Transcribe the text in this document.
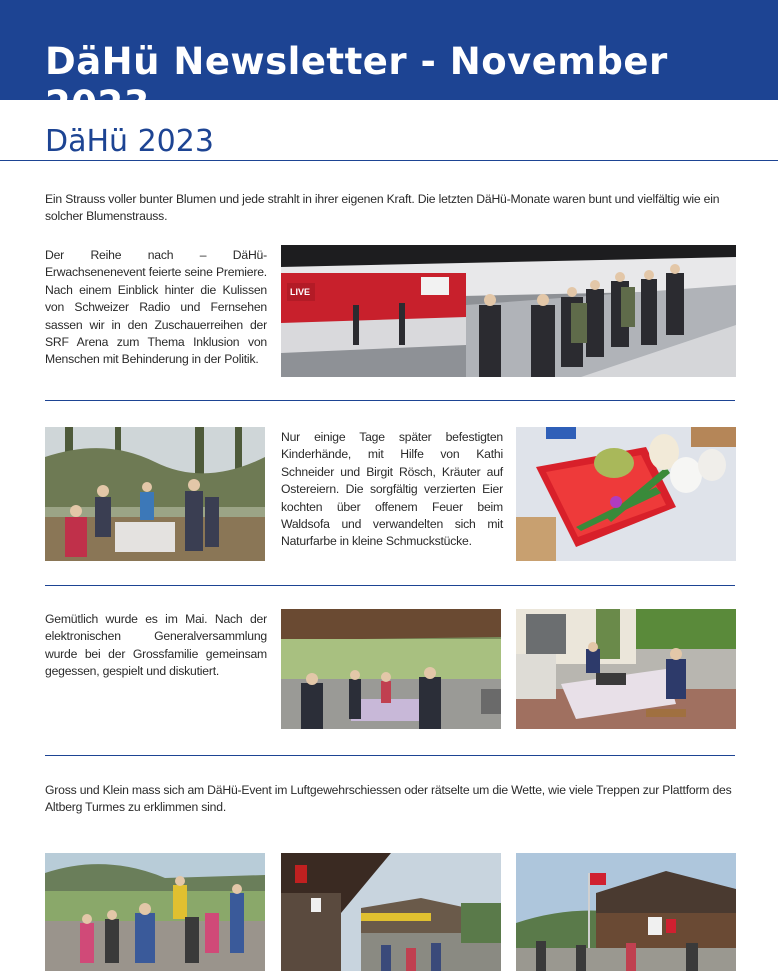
DäHü Newsletter - November 2023
DäHü 2023

Ein Strauss voller bunter Blumen und jede strahlt in ihrer eigenen Kraft. Die letzten DäHü-Monate waren bunt und vielfältig wie ein solcher Blumenstrauss.

Der Reihe nach – DäHü-Erwachsenenevent feierte seine Premiere. Nach einem Einblick hinter die Kulissen von Schweizer Radio und Fernsehen sassen wir in den Zuschauerreihen der SRF Arena zum Thema Inklusion von Menschen mit Behinderung in der Politik.

LIVE

Nur einige Tage später befestigten Kinderhände, mit Hilfe von Kathi Schneider und Birgit Rösch, Kräuter auf Ostereiern. Die sorgfältig verzierten Eier kochten über offenem Feuer beim Waldsofa und verwandelten sich mit Naturfarbe in kleine Schmuckstücke.

Gemütlich wurde es im Mai. Nach der elektronischen Generalversammlung wurde bei der Grossfamilie gemeinsam gegessen, gespielt und diskutiert.

Gross und Klein mass sich am DäHü-Event im Luftgewehrschiessen oder rätselte um die Wette, wie viele Treppen zur Plattform des Altberg Turmes zu erklimmen sind.
